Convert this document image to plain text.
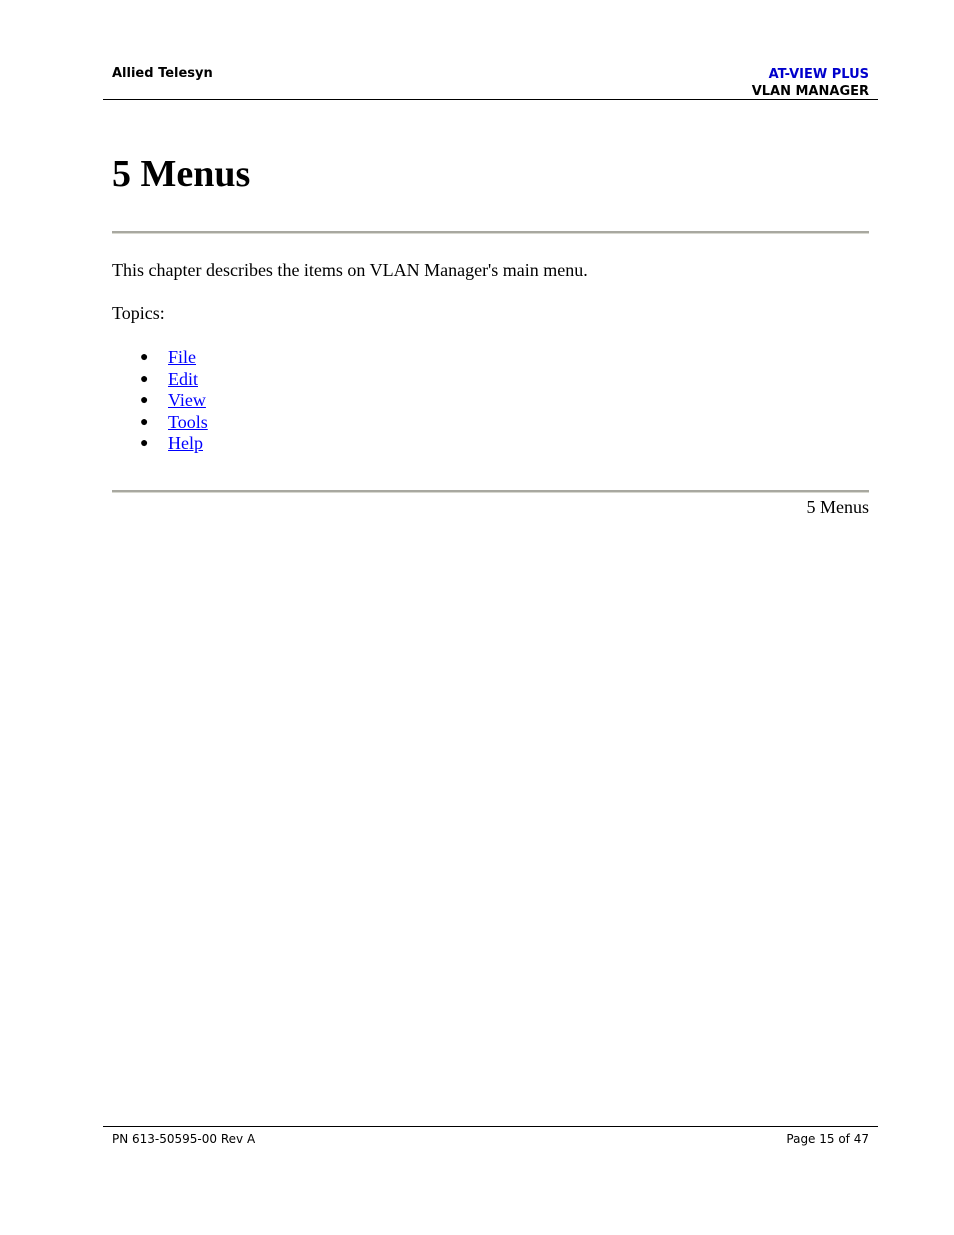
Allied Telesyn	AT-VIEW PLUS
VLAN MANAGER
5 Menus

This chapter describes the items on VLAN Manager's main menu.

Topics:

● File
● Edit
● View
● Tools
● Help

5 Menus

PN 613-50595-00 Rev A	Page 15 of 47
